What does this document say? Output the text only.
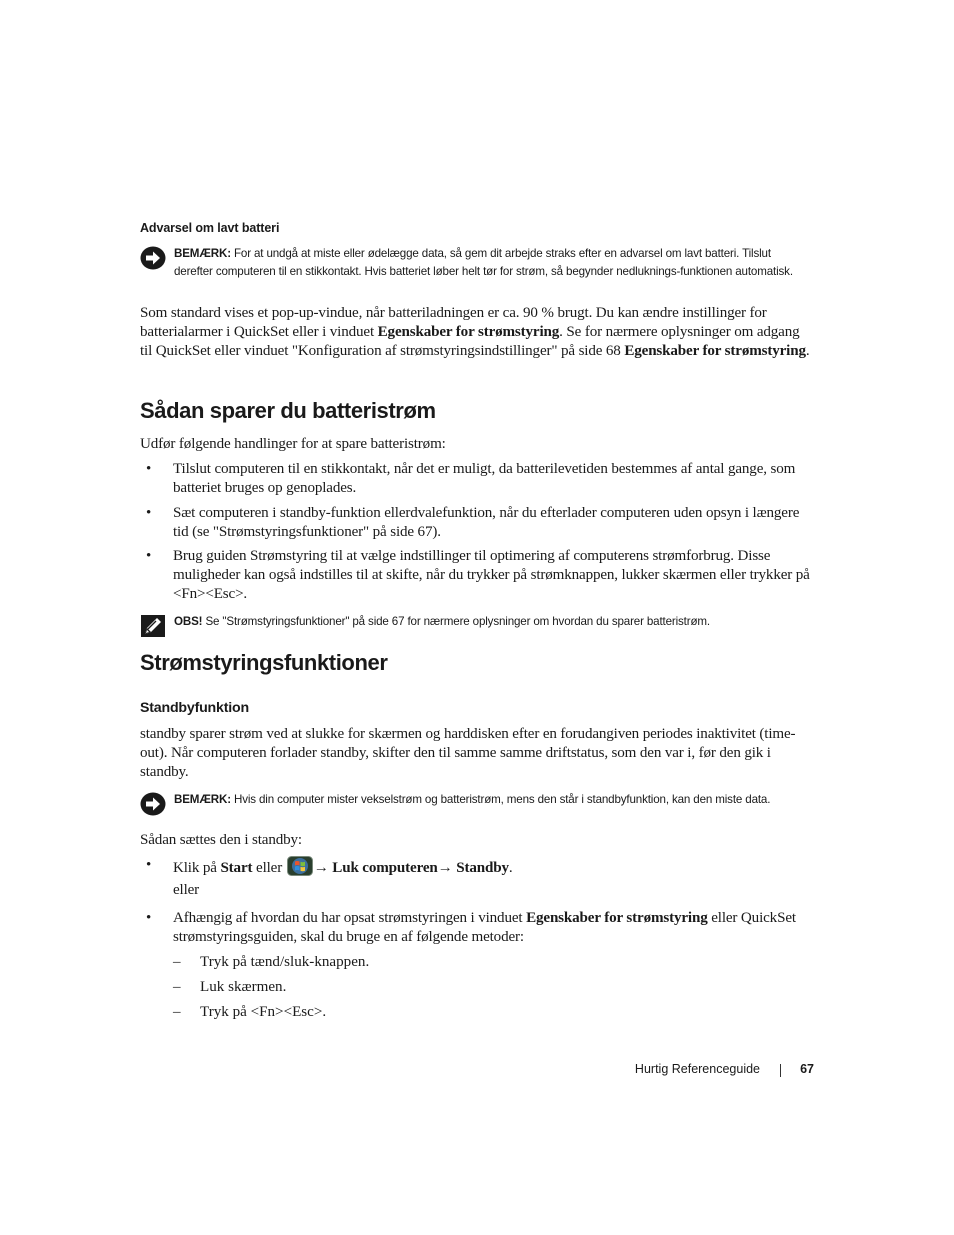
Advarsel om lavt batteri
BEMÆRK: For at undgå at miste eller ødelægge data, så gem dit arbejde straks efter en advarsel om lavt batteri. Tilslut derefter computeren til en stikkontakt. Hvis batteriet løber helt tør for strøm, så begynder nedluknings-funktionen automatisk.
Som standard vises et pop-up-vindue, når batteriladningen er ca. 90 % brugt. Du kan ændre instillinger for batterialarmer i QuickSet eller i vinduet Egenskaber for strømstyring. Se for nærmere oplysninger om adgang til QuickSet eller vinduet "Konfiguration af strømstyringsindstillinger" på side 68 Egenskaber for strømstyring.
Sådan sparer du batteristrøm
Udfør følgende handlinger for at spare batteristrøm:
• Tilslut computeren til en stikkontakt, når det er muligt, da batterilevetiden bestemmes af antal gange, som batteriet bruges op genoplades.
• Sæt computeren i standby-funktion ellerdvalefunktion, når du efterlader computeren uden opsyn i længere tid (se "Strømstyringsfunktioner" på side 67).
• Brug guiden Strømstyring til at vælge indstillinger til optimering af computerens strømforbrug. Disse muligheder kan også indstilles til at skifte, når du trykker på strømknappen, lukker skærmen eller trykker på <Fn><Esc>.
OBS! Se "Strømstyringsfunktioner" på side 67 for nærmere oplysninger om hvordan du sparer batteristrøm.
Strømstyringsfunktioner
Standbyfunktion
standby sparer strøm ved at slukke for skærmen og harddisken efter en forudangiven periodes inaktivitet (time-out). Når computeren forlader standby, skifter den til samme samme driftstatus, som den var i, før den gik i standby.
BEMÆRK: Hvis din computer mister vekselstrøm og batteristrøm, mens den står i standbyfunktion, kan den miste data.
Sådan sættes den i standby:
• Klik på Start eller → Luk computeren→ Standby.
eller
• Afhængig af hvordan du har opsat strømstyringen i vinduet Egenskaber for strømstyring eller QuickSet strømstyringsguiden, skal du bruge en af følgende metoder:
– Tryk på tænd/sluk-knappen.
– Luk skærmen.
– Tryk på <Fn><Esc>.
Hurtig Referenceguide	67
